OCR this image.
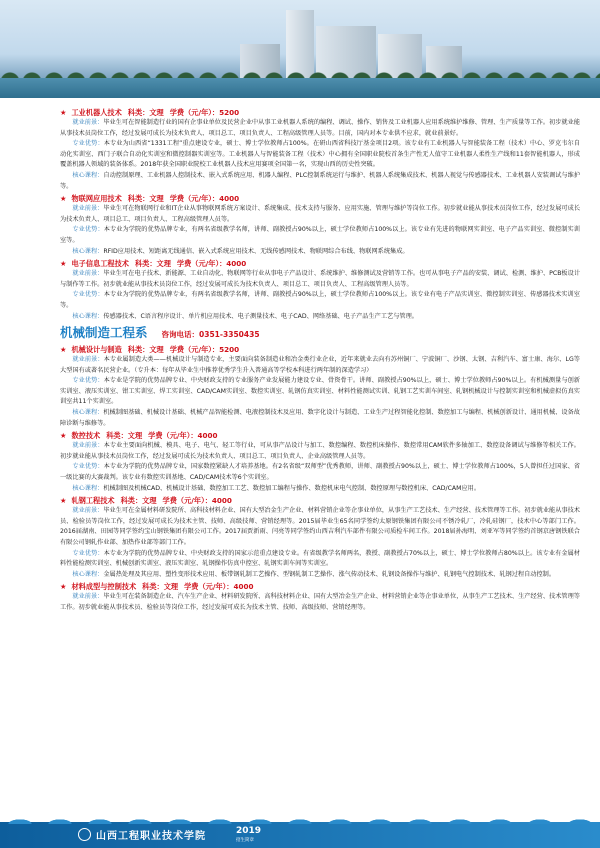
★ 工业机器人技术 科类：文理 学费（元/年）：5200

就业前景：毕业生可在智能制造行业的国有企事业单位及民营企业中从事工业机器人系统的编程、调试、操作、销售及工业机器人应用系统维护维修、管理、生产质量等工作。初步就业能从事技术员岗位工作，经过发展可成长为技术负责人、项目总工、项目负责人、工程高级管理人员等。目前，国内对本专业供不应求，就业前景好。

专业优势：本专业为山西省“1331工程”重点建设专业，硕士、博士学位教师占100%。在研山西省科技厅基金项目2项。该专业有工业机器人与智能装备工程（技术）中心、罗克韦尔自动化实训室、西门子联合自动化实训室和微控制器实训室等。工业机器人与智能装备工程（技术）中心拥有全国职业院校首条生产性无人值守工业机器人柔性生产线和11套智能机器人，形成覆盖机器人领域的装备体系。2018年获全国职业院校工业机器人技术应用赛项全国第一名，实现山西的历史性突破。

核心课程：自动控制原理、工业机器人控制技术、嵌入式系统应用、机器人编程、PLC控制系统运行与维护、机器人系统集成技术、机器人视觉与传感器技术、工业机器人安装调试与维护等。

★ 物联网应用技术 科类：文理 学费（元/年）：4000

就业前景：毕业生可在物联网行业和IT企业从事物联网系统方案设计、系统集成、技术支持与服务、应用实施、管理与维护等岗位工作。初步就业能从事技术员岗位工作，经过发展可成长为技术负责人、项目总工、项目负责人、工程高级管理人员等。

专业优势：本专业为学院的优势品牌专业，有两名省级教学名师，讲师、副教授占90%以上，硕士学位教师占100%以上。该专业有先进的物联网实训室、电子产品实训室、微控制实训室等。

核心课程：RFID应用技术、短距离无线通信、嵌入式系统应用技术、无线传感网技术、物联网综合布线、物联网系统集成。

★ 电子信息工程技术 科类：文理 学费（元/年）：4000

就业前景：毕业生可在电子技术、新能源、工业自动化、物联网等行业从事电子产品设计、系统维护、维修测试及营销等工作。也可从事电子产品的安装、调试、检测、维护、PCB板设计与制作等工作。初步就业能从事技术员岗位工作，经过发展可成长为技术负责人、项目总工、项目负责人、工程高级管理人员等。

专业优势：本专业为学院的优势品牌专业，有两名省级教学名师，讲师、副教授占90%以上，硕士学位教师占100%以上。该专业有电子产品实训室、微控制实训室、传感器技术实训室等。

核心课程：传感器技术、C语言程序设计、单片机应用技术、电子测量技术、电子CAD、网络基础、电子产品生产工艺与管理。

机械制造工程系 咨询电话：0351-3350435
★ 机械设计与制造 科类：文理 学费（元/年）：5200

就业前景：本专业属制造大类——机械设计与制造专业，主要面向装备制造业和冶金类行业企业，近年来就业去向有苏州铜厂、宁波铜厂、沙钢、太钢、吉利汽车、富士康、海尔、LG等大型国有或著名民营企业。（专升本：每年从毕业生中推荐优秀学生升入普通高等学校本科进行两年制的深造学习）

专业优势：本专业是学院的优势品牌专业、中央财政支持的专业服务产业发展能力建设专业、骨资骨干。讲师、副教授占90%以上，硕士、博士学位教师占90%以上。有机械测量与创新实训室、液压实训室、钳工实训室、焊工实训室、CAD/CAM实训室、数控实训室、轧钢仿真实训室、材料性能测试实训、轧钢工艺实训车间室、轧钢机械设计与控制实训室和机械虚拟仿真实训室共11个实训室。

核心课程：机械制图基础、机械设计基础、机械产品智能检测、电液控制技术及应用、数字化设计与制造、工业生产过程智能化控制、数控加工与编程、机械创新设计、通用机械、设备故障诊断与维修等。

★ 数控技术 科类：文理 学费（元/年）：4000

就业前景：本专业主要面向机械、模具、电子、电气、轻工等行业，可从事产品设计与加工、数控编程、数控机床操作、数控常用CAM软件多轴加工、数控设备调试与维修等相关工作。初步就业能从事技术员岗位工作，经过发展可成长为技术负责人、项目总工、项目负责人、企业高级管理人员等。

专业优势：本专业为学院的优势品牌专业，国家数控紧缺人才培养基地。有2名省级“双师型”优秀教师，讲师、副教授占90%以上，硕士、博士学位教师占100%，5人曾担任过国家、省一级比赛的大赛裁判。该专业有数控实训基地、CAD/CAM技术等6个实训室。

核心课程：机械制图及机械CAD、机械设计基础、数控加工工艺、数控加工编程与操作、数控机床电气控制、数控原理与数控机床、CAD/CAM应用。

★ 轧钢工程技术 科类：文理 学费（元/年）：4000

就业前景：毕业生可在金属材料研发院所、高科技材料企业、国有大型冶金生产企业、材料营销企业等企事业单位，从事生产工艺技术、生产经营、技术管理等工作。初步就业能从事技术员、检验员等岗位工作，经过发展可成长为技术主管、技师、高级技师、营销经理等。2015届毕业生65名同学签约太原钢铁集团有限公司不锈冷轧厂，冷轧硅钢厂，技术中心等部门工作。2016届湖南、田园等同学签约宝山钢铁集团有限公司工作。2017届贾新雨、闫亮等同学签约山西吉利汽车部件有限公司质检车间工作。2018届孙海明、刘亚军等同学签约首钢京唐钢铁联合有限公司钢轧作业部、加热作业部等部门工作。

专业优势：本专业为学院的优势品牌专业、中央财政支持的国家示范重点建设专业。有省级教学名师两名，教授、副教授占70%以上，硕士、博士学位教师占80%以上。该专业有金属材料性能检测实训室、机械创新实训室、液压实训室、轧钢操作仿真中控室、轧钢实训车间等实训室。

核心课程：金属热处理及其应用、塑性变形技术应用、板带钢轧制工艺操作、型钢轧制工艺操作、涨气传动技术、轧钢设备操作与维护、轧钢电气控制技术、轧钢过程自动控制。

★ 材料成型与控制技术 科类：文理 学费（元/年）：4000

就业前景：毕业生可在装备制造企业、汽车生产企业、材料研发院所、高科技材料企业、国有大型冶金生产企业、材料营销企业等企事业单位，从事生产工艺技术、生产经营、技术管理等工作。初步就业能从事技术员、检验员等岗位工作，经过发展可成长为技术主管、技师、高级技师、营销经理等。

山西工程职业技术学院	2019
招生简章
